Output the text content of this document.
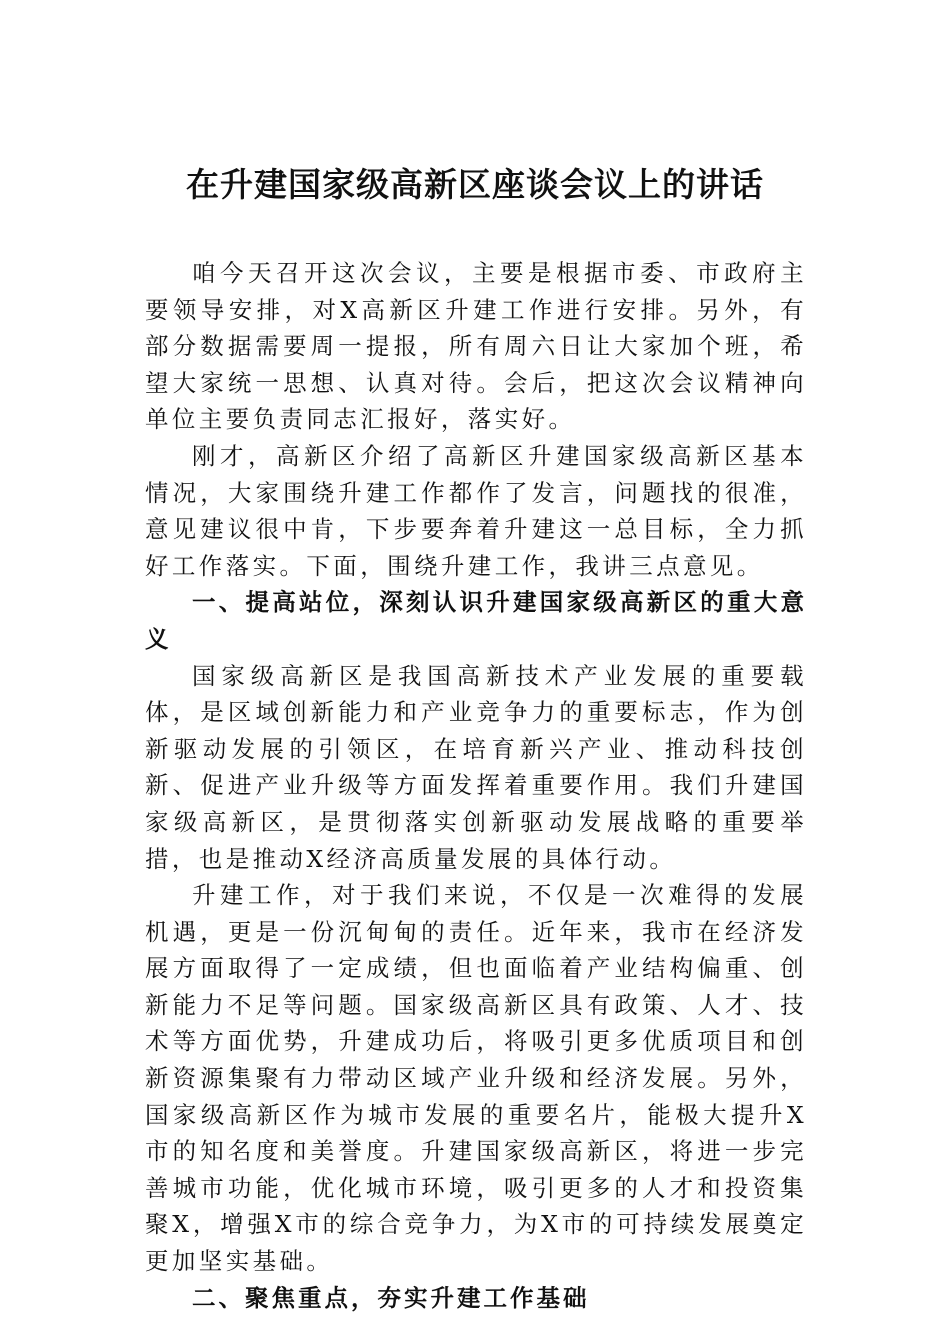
在升建国家级高新区座谈会议上的讲话

咱今天召开这次会议，主要是根据市委、市政府主要领导安排，对X高新区升建工作进行安排。另外，有部分数据需要周一提报，所有周六日让大家加个班，希望大家统一思想、认真对待。会后，把这次会议精神向单位主要负责同志汇报好，落实好。

刚才，高新区介绍了高新区升建国家级高新区基本情况，大家围绕升建工作都作了发言，问题找的很准，意见建议很中肯，下步要奔着升建这一总目标，全力抓好工作落实。下面，围绕升建工作，我讲三点意见。

一、提高站位，深刻认识升建国家级高新区的重大意义

国家级高新区是我国高新技术产业发展的重要载体，是区域创新能力和产业竞争力的重要标志，作为创新驱动发展的引领区，在培育新兴产业、推动科技创新、促进产业升级等方面发挥着重要作用。我们升建国家级高新区，是贯彻落实创新驱动发展战略的重要举措，也是推动X经济高质量发展的具体行动。

升建工作，对于我们来说，不仅是一次难得的发展机遇，更是一份沉甸甸的责任。近年来，我市在经济发展方面取得了一定成绩，但也面临着产业结构偏重、创新能力不足等问题。国家级高新区具有政策、人才、技术等方面优势，升建成功后，将吸引更多优质项目和创新资源集聚有力带动区域产业升级和经济发展。另外，国家级高新区作为城市发展的重要名片，能极大提升X市的知名度和美誉度。升建国家级高新区，将进一步完善城市功能，优化城市环境，吸引更多的人才和投资集聚X，增强X市的综合竞争力，为X市的可持续发展奠定更加坚实基础。

二、聚焦重点，夯实升建工作基础
